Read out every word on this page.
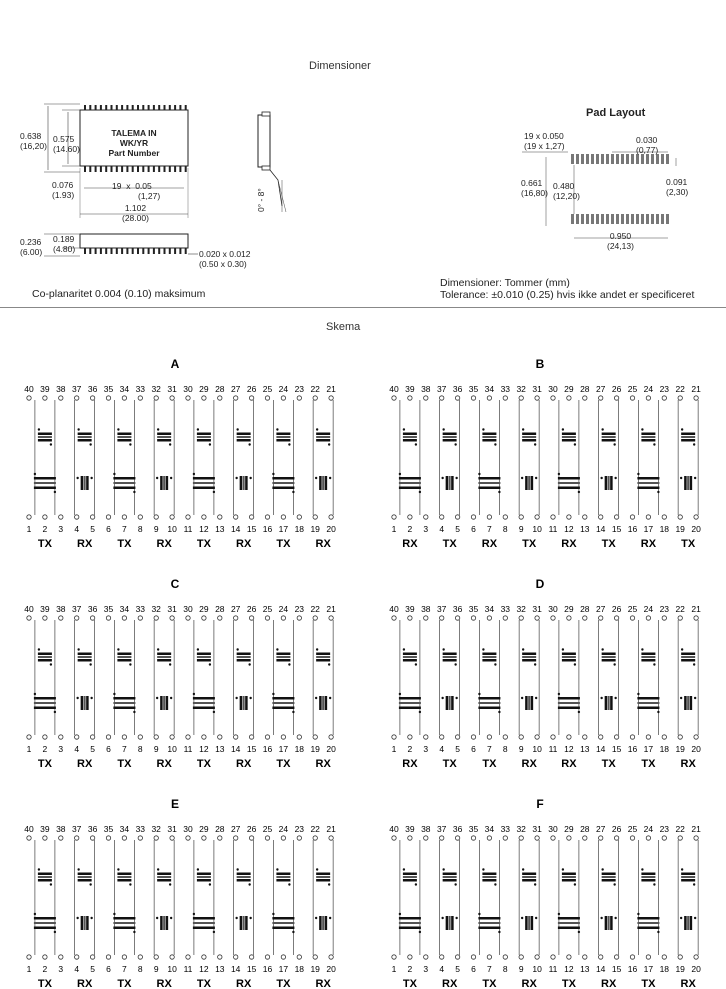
Dimensioner
TALEMA IN
WK/YR
Part Number
0.638
(16,20)
0.575
(14.60)
0.076
(1.93)
19 x 0.05
(1,27)
1.102
(28.00)
0.236
(6.00)
0.189
(4.80)	0.020 x 0.012
(0.50 x 0.30)
0° - 8°
Pad Layout
19 x 0.050
(19 x 1,27)
0.030
(0,77)
0.091
(2,30)
0.661
(16,80)
0.480
(12,20)
0.950
(24,13)
Co-planaritet 0.004 (0.10) maksimum
Dimensioner: Tommer (mm)
Tolerance: ±0.010 (0.25) hvis ikke andet er specificeret
Skema
A
40
1
39
2
38
3
37
4
36
5
35
6
34
7
33
8
32
9
31
10
30
11
29
12
28
13
27
14
26
15
25
16
24
17
23
18
22
19
21
20
TX RX TX RX TX RX TX RX
B
40
1
39
2
38
3
37
4
36
5
35
6
34
7
33
8
32
9
31
10
30
11
29
12
28
13
27
14
26
15
25
16
24
17
23
18
22
19
21
20
RX TX RX TX RX TX RX TX
C
40
1
39
2
38
3
37
4
36
5
35
6
34
7
33
8
32
9
31
10
30
11
29
12
28
13
27
14
26
15
25
16
24
17
23
18
22
19
21
20
TX RX TX RX TX RX TX RX
D
40
1
39
2
38
3
37
4
36
5
35
6
34
7
33
8
32
9
31
10
30
11
29
12
28
13
27
14
26
15
25
16
24
17
23
18
22
19
21
20
RX TX TX RX RX TX TX RX
E
40
1
39
2
38
3
37
4
36
5
35
6
34
7
33
8
32
9
31
10
30
11
29
12
28
13
27
14
26
15
25
16
24
17
23
18
22
19
21
20
TX RX TX RX TX RX TX RX
F
40
1
39
2
38
3
37
4
36
5
35
6
34
7
33
8
32
9
31
10
30
11
29
12
28
13
27
14
26
15
25
16
24
17
23
18
22
19
21
20
TX RX TX RX TX RX TX RX
